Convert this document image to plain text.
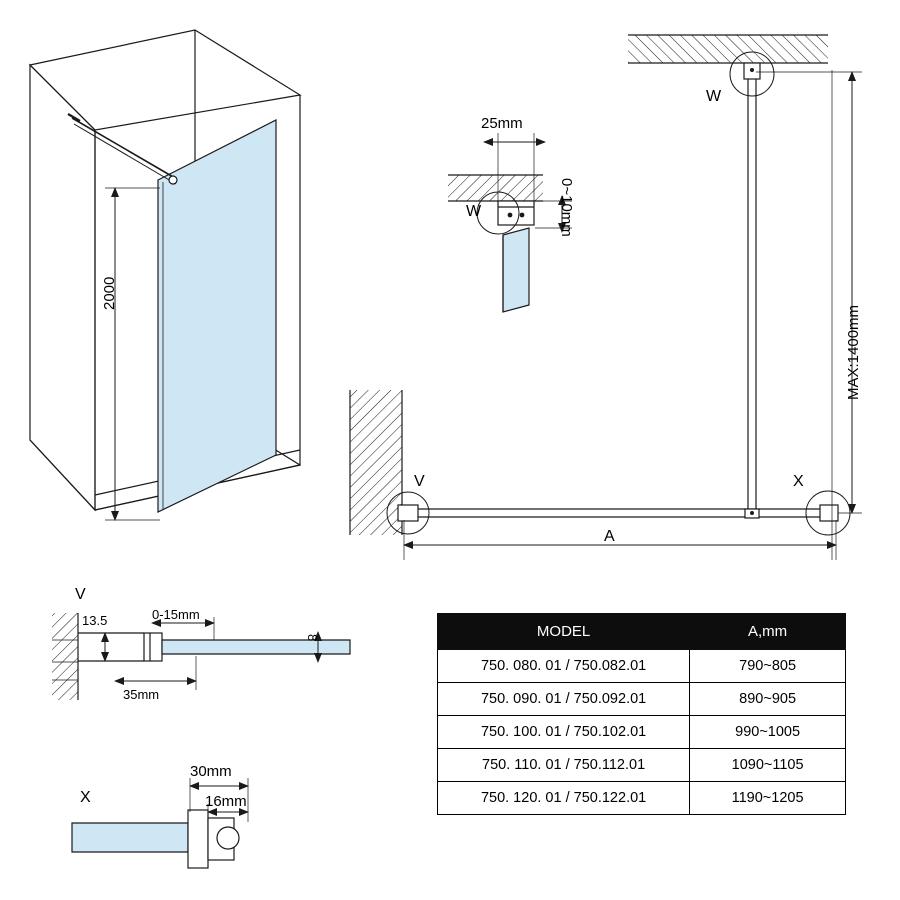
2000
25mm
0~10mm
W
W
V	X
MAX:1400mm
A
V
13.5	0-15mm
35mm
8
X
30mm
16mm
MODEL	A,mm
750. 080. 01 / 750.082.01	790~805
750. 090. 01 / 750.092.01	890~905
750. 100. 01 / 750.102.01	990~1005
750. 110. 01 / 750.112.01	1090~1105
750. 120. 01 / 750.122.01	1190~1205
